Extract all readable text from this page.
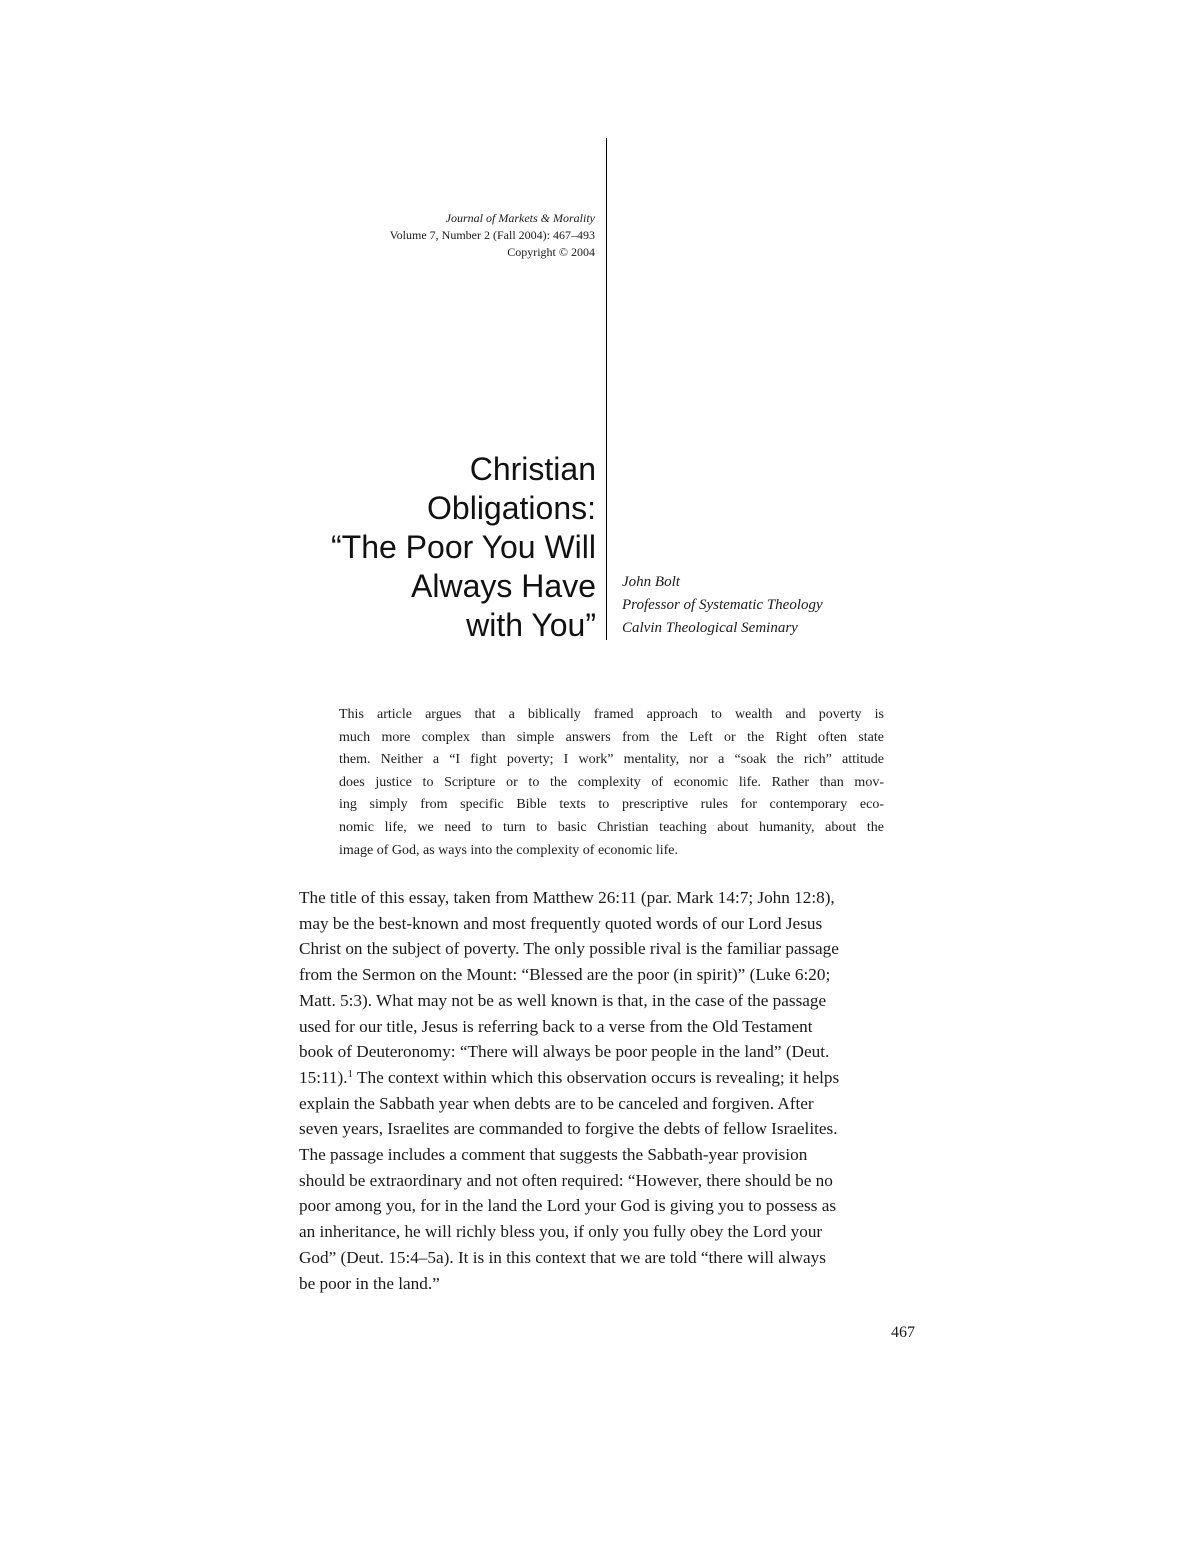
Journal of Markets & Morality
Volume 7, Number 2 (Fall 2004): 467–493
Copyright © 2004
Christian
Obligations:
“The Poor You Will
Always Have
with You”
John Bolt
Professor of Systematic Theology
Calvin Theological Seminary
This article argues that a biblically framed approach to wealth and poverty is
much more complex than simple answers from the Left or the Right often state
them. Neither a “I fight poverty; I work” mentality, nor a “soak the rich” attitude
does justice to Scripture or to the complexity of economic life. Rather than mov-
ing simply from specific Bible texts to prescriptive rules for contemporary eco-
nomic life, we need to turn to basic Christian teaching about humanity, about the
image of God, as ways into the complexity of economic life.
The title of this essay, taken from Matthew 26:11 (par. Mark 14:7; John 12:8),
may be the best-known and most frequently quoted words of our Lord Jesus
Christ on the subject of poverty. The only possible rival is the familiar passage
from the Sermon on the Mount: “Blessed are the poor (in spirit)” (Luke 6:20;
Matt. 5:3). What may not be as well known is that, in the case of the passage
used for our title, Jesus is referring back to a verse from the Old Testament
book of Deuteronomy: “There will always be poor people in the land” (Deut.
15:11).$^1$ The context within which this observation occurs is revealing; it helps
explain the Sabbath year when debts are to be canceled and forgiven. After
seven years, Israelites are commanded to forgive the debts of fellow Israelites.
The passage includes a comment that suggests the Sabbath-year provision
should be extraordinary and not often required: “However, there should be no
poor among you, for in the land the Lord your God is giving you to possess as
an inheritance, he will richly bless you, if only you fully obey the Lord your
God” (Deut. 15:4–5a). It is in this context that we are told “there will always
be poor in the land.”
467
